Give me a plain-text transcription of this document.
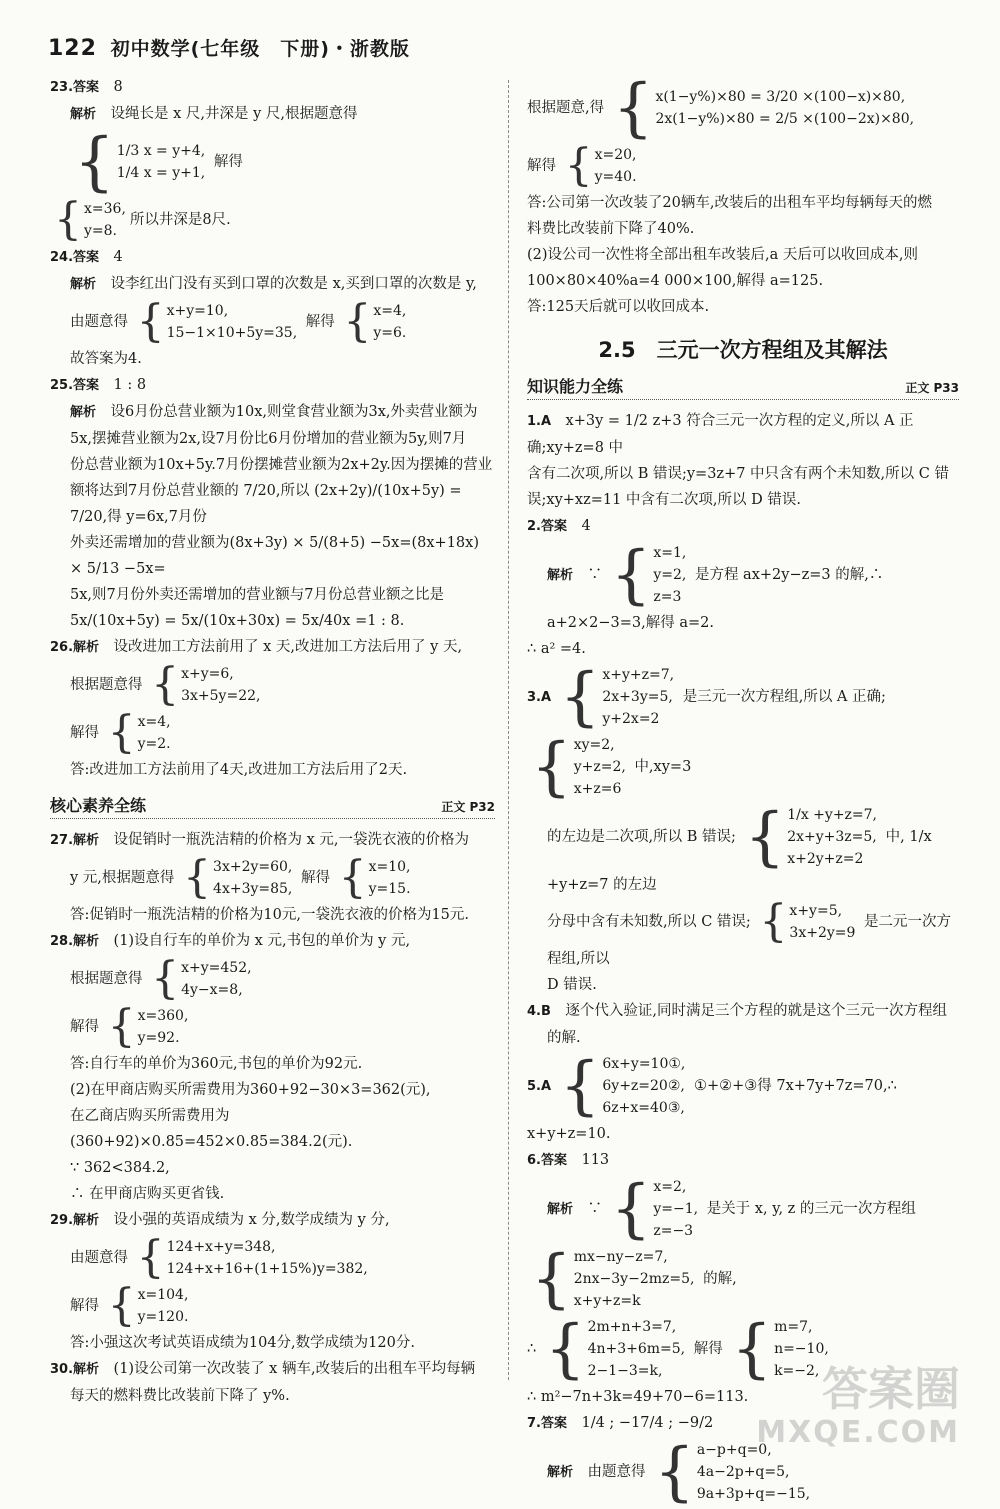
122 初中数学(七年级　下册)・浙教版

23.答案　 8

解析　 设绳长是 x 尺,井深是 y 尺,根据题意得
{ 1/3 x = y+4,
1/4 x = y+1,
解得

{ x=36,
y=8.
所以井深是8尺.

24.答案　 4

解析　 设李红出门没有买到口罩的次数是 x,买到口罩的次数是 y,

由题意得 { x+y=10,
15−1×10+5y=35,
解得 { x=4,
y=6.

故答案为4.

25.答案　 1 : 8

解析　 设6月份总营业额为10x,则堂食营业额为3x,外卖营业额为

5x,摆摊营业额为2x,设7月份比6月份增加的营业额为5y,则7月

份总营业额为10x+5y.7月份摆摊营业额为2x+2y.因为摆摊的营业

额将达到7月份总营业额的 7/20,所以 (2x+2y)/(10x+5y) = 7/20,得 y=6x,7月份

外卖还需增加的营业额为(8x+3y) × 5/(8+5) −5x=(8x+18x) × 5/13 −5x=

5x,则7月份外卖还需增加的营业额与7月份总营业额之比是

5x/(10x+5y) = 5x/(10x+30x) = 5x/40x =1 : 8.

26.解析　 设改进加工方法前用了 x 天,改进加工方法后用了 y 天,

根据题意得 { x+y=6,
3x+5y=22,

解得 { x=4,
y=2.

答:改进加工方法前用了4天,改进加工方法后用了2天.

核心素养全练	正文 P32

27.解析　 设促销时一瓶洗洁精的价格为 x 元,一袋洗衣液的价格为

y 元,根据题意得 { 3x+2y=60,
4x+3y=85,
解得 { x=10,
y=15.

答:促销时一瓶洗洁精的价格为10元,一袋洗衣液的价格为15元.

28.解析　 (1)设自行车的单价为 x 元,书包的单价为 y 元,

根据题意得 { x+y=452,
4y−x=8,

解得 { x=360,
y=92.

答:自行车的单价为360元,书包的单价为92元.

(2)在甲商店购买所需费用为360+92−30×3=362(元),

在乙商店购买所需费用为(360+92)×0.85=452×0.85=384.2(元).

∵ 362<384.2,

∴ 在甲商店购买更省钱.

29.解析　 设小强的英语成绩为 x 分,数学成绩为 y 分,

由题意得 { 124+x+y=348,
124+x+16+(1+15%)y=382,

解得 { x=104,
y=120.

答:小强这次考试英语成绩为104分,数学成绩为120分.

30.解析　 (1)设公司第一次改装了 x 辆车,改装后的出租车平均每辆

每天的燃料费比改装前下降了 y%.

根据题意,得 { x(1−y%)×80 = 3/20 ×(100−x)×80,
2x(1−y%)×80 = 2/5 ×(100−2x)×80,

解得 { x=20,
y=40.

答:公司第一次改装了20辆车,改装后的出租车平均每辆每天的燃

料费比改装前下降了40%.

(2)设公司一次性将全部出租车改装后,a 天后可以收回成本,则

100×80×40%a=4 000×100,解得 a=125.

答:125天后就可以收回成本.

2.5　三元一次方程组及其解法
知识能力全练	正文 P33

1.A　 x+3y = 1/2 z+3 符合三元一次方程的定义,所以 A 正确;xy+z=8 中

含有二次项,所以 B 错误;y=3z+7 中只含有两个未知数,所以 C 错

误;xy+xz=11 中含有二次项,所以 D 错误.

2.答案　 4

解析　 ∵ { x=1,
y=2,
z=3
是方程 ax+2y−z=3 的解,∴ a+2×2−3=3,解得 a=2.

∴ a² =4.

3.A { x+y+z=7,
2x+3y=5,
y+2x=2
是三元一次方程组,所以 A 正确;
{ xy=2,
y+z=2,
x+z=6
中,xy=3

的左边是二次项,所以 B 错误; { 1/x +y+z=7,
2x+y+3z=5,
x+2y+z=2
中, 1/x +y+z=7 的左边

分母中含有未知数,所以 C 错误; { x+y=5,
3x+2y=9
是二元一次方程组,所以

D 错误.

4.B　 逐个代入验证,同时满足三个方程的就是这个三元一次方程组

的解.

5.A { 6x+y=10①,
6y+z=20②,
6z+x=40③,
①+②+③得 7x+7y+7z=70,∴ x+y+z=10.

6.答案　 113

解析　 ∵ { x=2,
y=−1,
z=−3
是关于 x, y, z 的三元一次方程组

{ mx−ny−z=7,
2nx−3y−2mz=5,
x+y+z=k
的解,

∴ { 2m+n+3=7,
4n+3+6m=5,
2−1−3=k,
解得 { m=7,
n=−10,
k=−2,

∴ m²−7n+3k=49+70−6=113.

7.答案　 1/4 ; −17/4 ; −9/2

解析　 由题意得 { a−p+q=0,
4a−2p+q=5,
9a+3p+q=−15,

答案圈
MXQE.COM
